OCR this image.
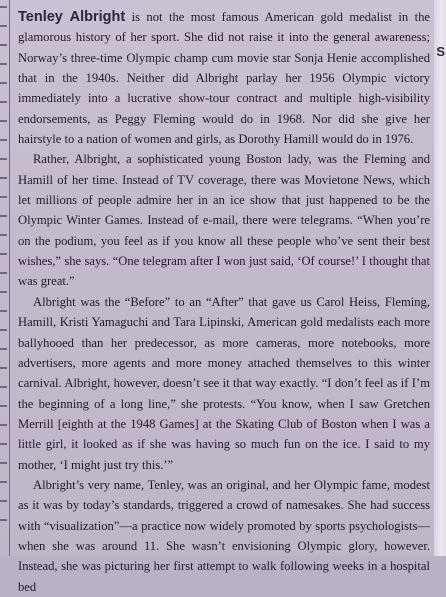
Tenley Albright is not the most famous American gold medalist in the glamorous history of her sport. She did not raise it into the general awareness; Norway’s three-time Olympic champ cum movie star Sonja Henie accomplished that in the 1940s. Neither did Albright parlay her 1956 Olympic victory immediately into a lucrative show-tour contract and multiple high-visibility endorsements, as Peggy Fleming would do in 1968. Nor did she give her hairstyle to a nation of women and girls, as Dorothy Hamill would do in 1976.

Rather, Albright, a sophisticated young Boston lady, was the Fleming and Hamill of her time. Instead of TV coverage, there was Movietone News, which let millions of people admire her in an ice show that just happened to be the Olympic Winter Games. Instead of e-mail, there were telegrams. “When you’re on the podium, you feel as if you know all these people who’ve sent their best wishes,” she says. “One telegram after I won just said, ‘Of course!’ I thought that was great.”

Albright was the “Before” to an “After” that gave us Carol Heiss, Fleming, Hamill, Kristi Yamaguchi and Tara Lipinski, American gold medalists each more ballyhooed than her predecessor, as more cameras, more notebooks, more advertisers, more agents and more money attached themselves to this winter carnival. Albright, however, doesn’t see it that way exactly. “I don’t feel as if I’m the beginning of a long line,” she protests. “You know, when I saw Gretchen Merrill [eighth at the 1948 Games] at the Skating Club of Boston when I was a little girl, it looked as if she was having so much fun on the ice. I said to my mother, ‘I might just try this.’”

Albright’s very name, Tenley, was an original, and her Olympic fame, modest as it was by today’s standards, triggered a crowd of namesakes. She had success with “visualization”—a practice now widely promoted by sports psychologists—when she was around 11. She wasn’t envisioning Olympic glory, however. Instead, she was picturing her first attempt to walk following weeks in a hospital bed

S
